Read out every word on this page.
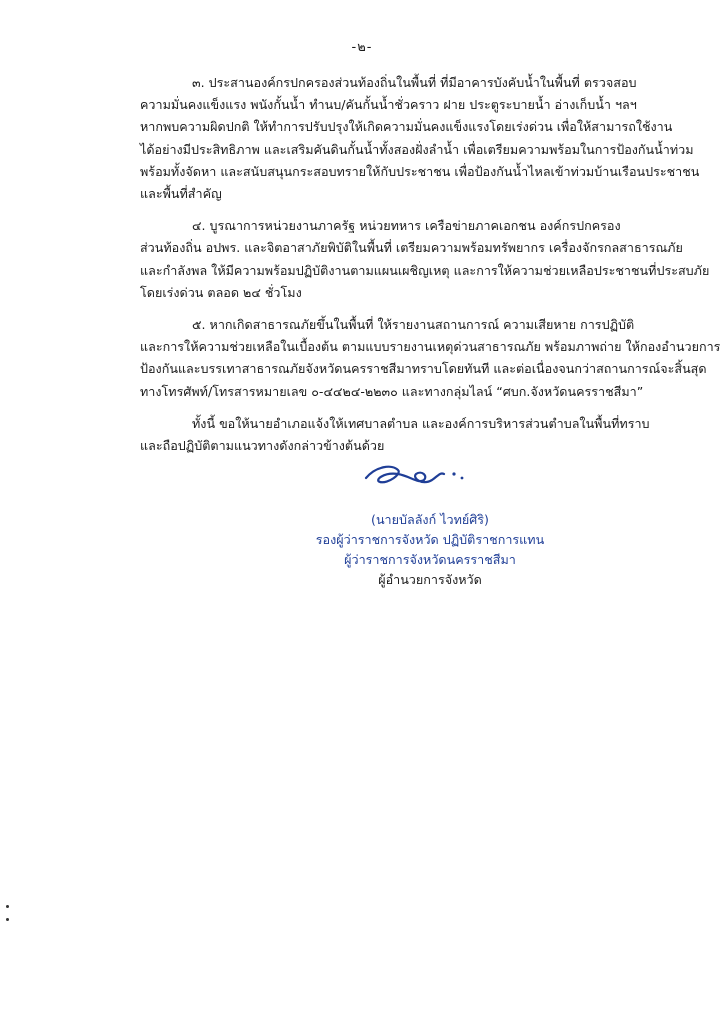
-๒-

๓. ประสานองค์กรปกครองส่วนท้องถิ่นในพื้นที่ ที่มีอาคารบังคับน้ำในพื้นที่ ตรวจสอบ
ความมั่นคงแข็งแรง พนังกั้นน้ำ ทำนบ/คันกั้นน้ำชั่วคราว ฝาย ประตูระบายน้ำ อ่างเก็บน้ำ ฯลฯ
หากพบความผิดปกติ ให้ทำการปรับปรุงให้เกิดความมั่นคงแข็งแรงโดยเร่งด่วน เพื่อให้สามารถใช้งาน
ได้อย่างมีประสิทธิภาพ และเสริมคันดินกั้นน้ำทั้งสองฝั่งลำน้ำ เพื่อเตรียมความพร้อมในการป้องกันน้ำท่วม
พร้อมทั้งจัดหา และสนับสนุนกระสอบทรายให้กับประชาชน เพื่อป้องกันน้ำไหลเข้าท่วมบ้านเรือนประชาชน
และพื้นที่สำคัญ

๔. บูรณาการหน่วยงานภาครัฐ หน่วยทหาร เครือข่ายภาคเอกชน องค์กรปกครอง
ส่วนท้องถิ่น อปพร. และจิตอาสาภัยพิบัติในพื้นที่ เตรียมความพร้อมทรัพยากร เครื่องจักรกลสาธารณภัย
และกำลังพล ให้มีความพร้อมปฏิบัติงานตามแผนเผชิญเหตุ และการให้ความช่วยเหลือประชาชนที่ประสบภัย
โดยเร่งด่วน ตลอด ๒๔ ชั่วโมง

๕. หากเกิดสาธารณภัยขึ้นในพื้นที่ ให้รายงานสถานการณ์ ความเสียหาย การปฏิบัติ
และการให้ความช่วยเหลือในเบื้องต้น ตามแบบรายงานเหตุด่วนสาธารณภัย พร้อมภาพถ่าย ให้กองอำนวยการ
ป้องกันและบรรเทาสาธารณภัยจังหวัดนครราชสีมาทราบโดยทันที และต่อเนื่องจนกว่าสถานการณ์จะสิ้นสุด
ทางโทรศัพท์/โทรสารหมายเลข ๐-๔๔๒๔-๒๒๓๐ และทางกลุ่มไลน์ “ศบก.จังหวัดนครราชสีมา”

ทั้งนี้ ขอให้นายอำเภอแจ้งให้เทศบาลตำบล และองค์การบริหารส่วนตำบลในพื้นที่ทราบ
และถือปฏิบัติตามแนวทางดังกล่าวข้างต้นด้วย

(นายบัลลังก์ ไวทย์ศิริ)
รองผู้ว่าราชการจังหวัด ปฏิบัติราชการแทน
ผู้ว่าราชการจังหวัดนครราชสีมา
ผู้อำนวยการจังหวัด
